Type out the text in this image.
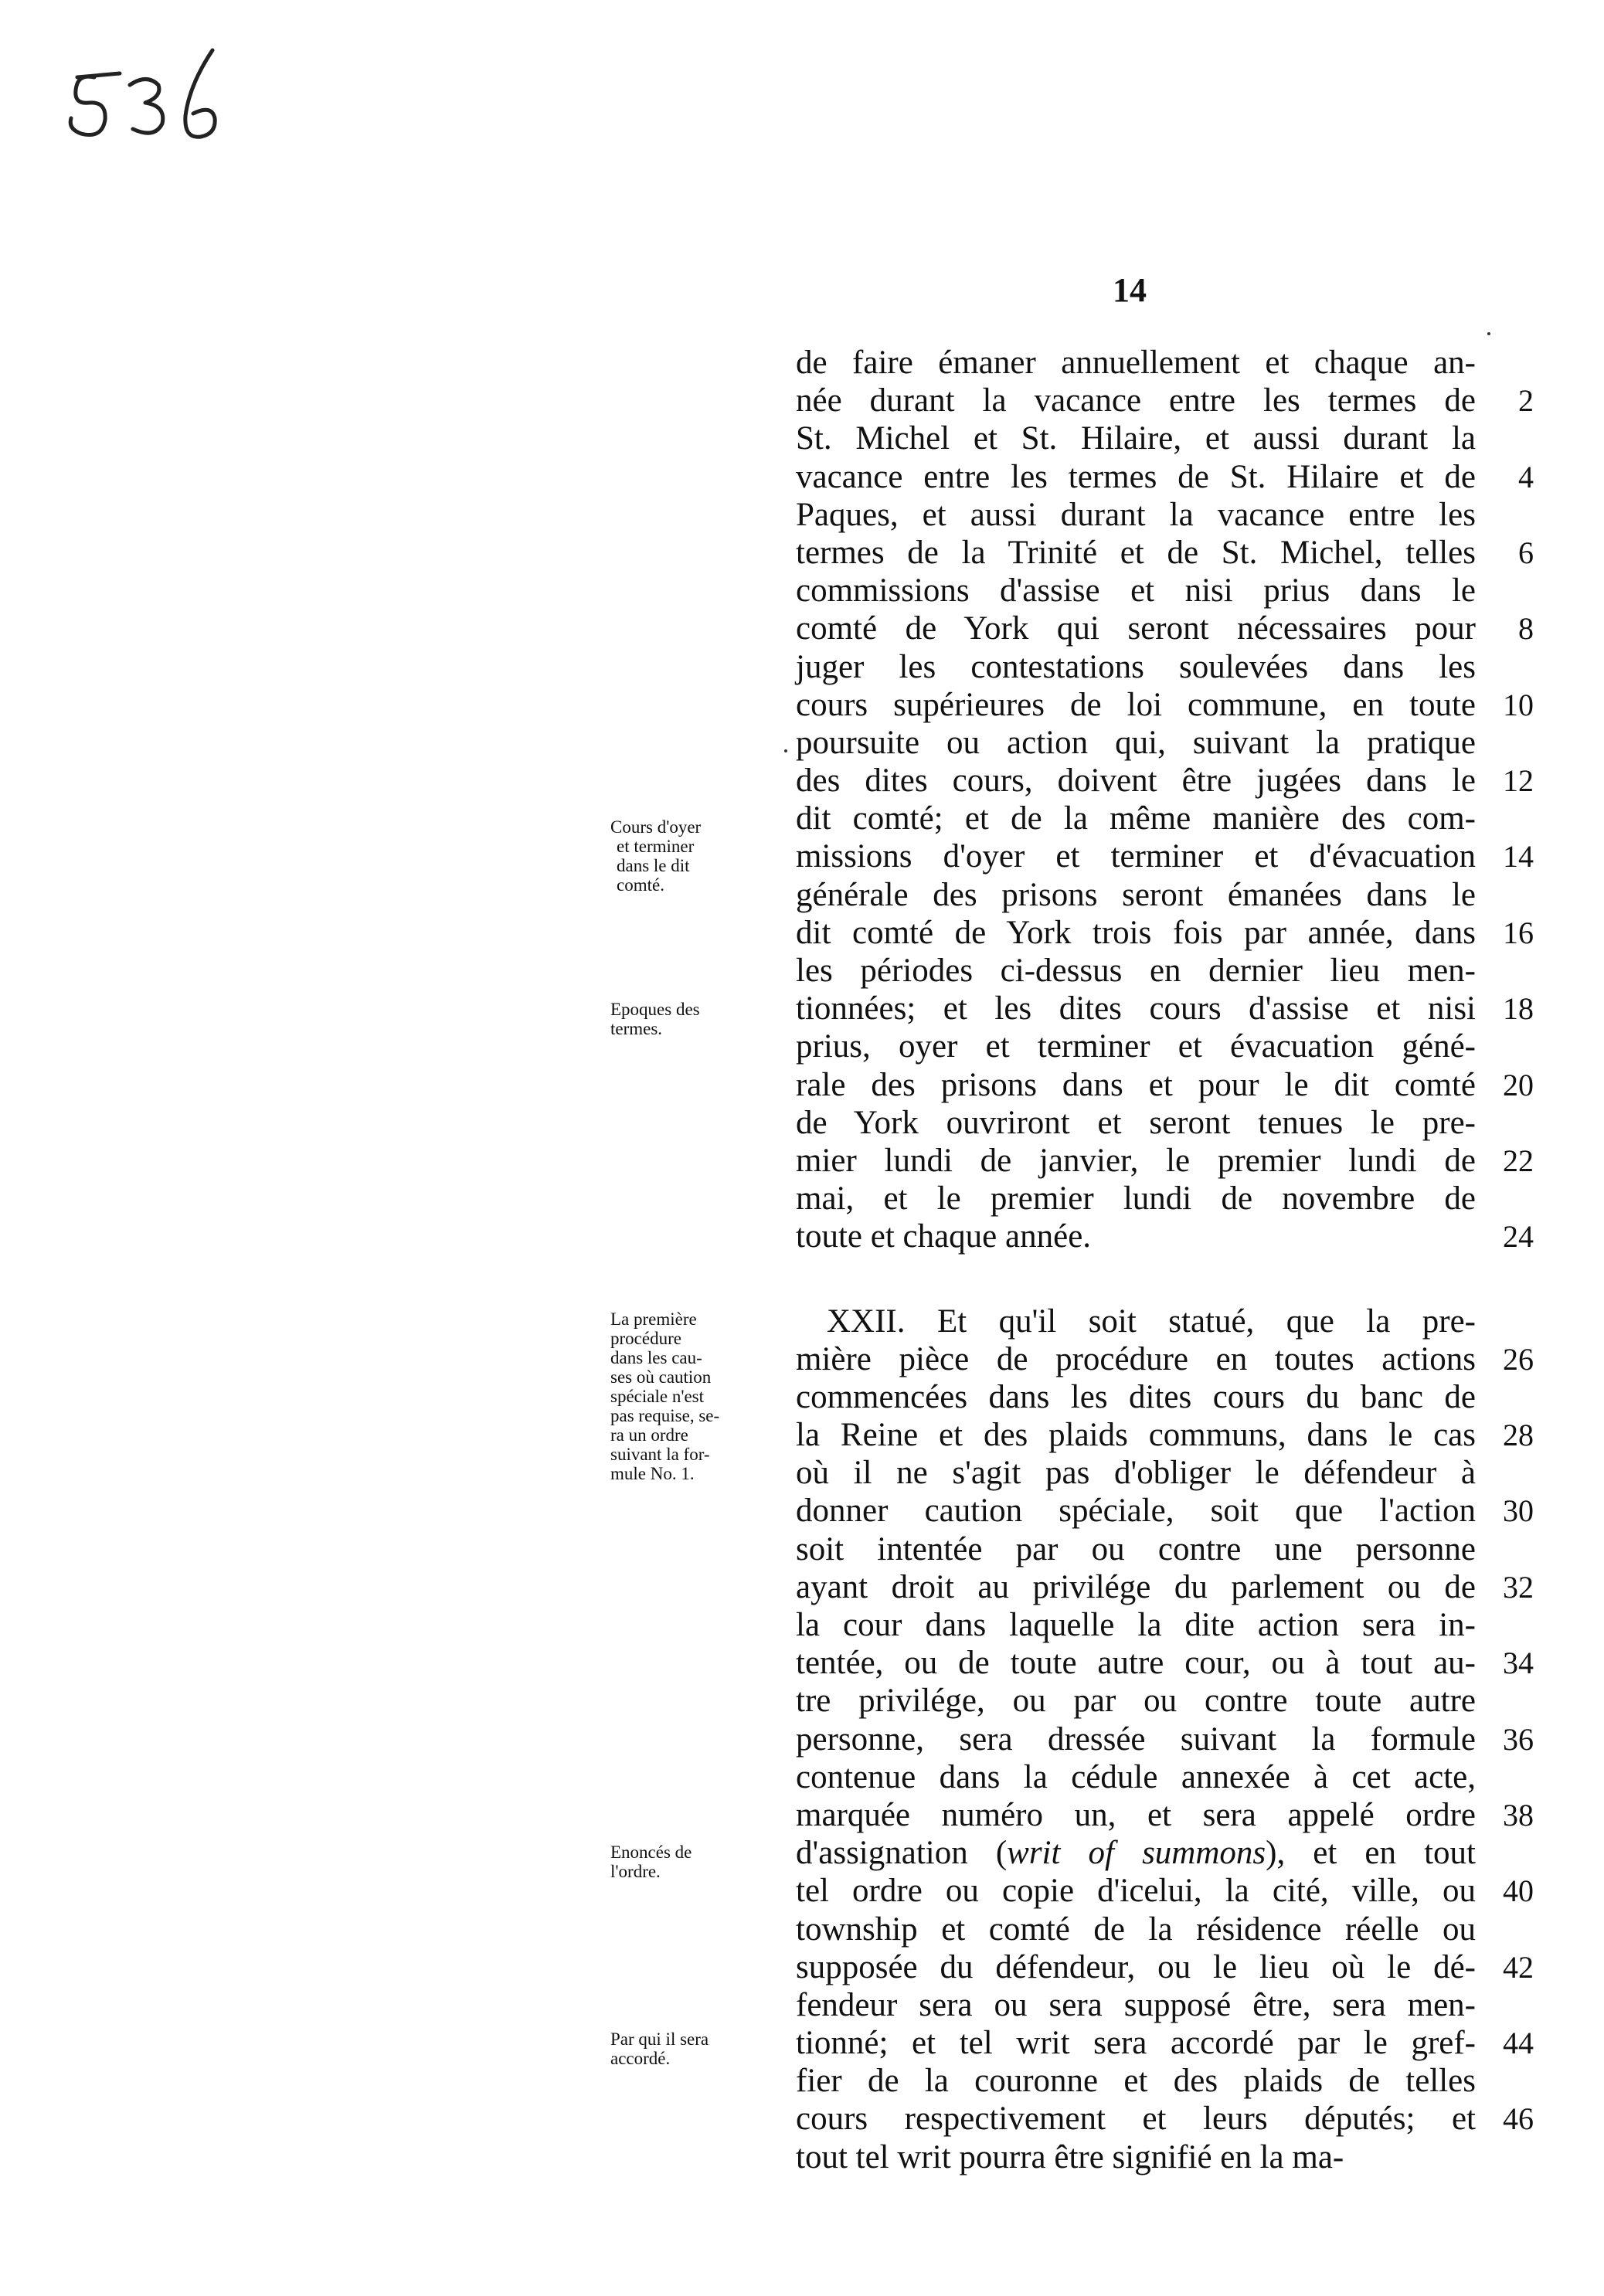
14
Cours d'oyer
et terminer
dans le dit
comté.
Epoques des
termes.
La première
procédure
dans les cau-
ses où caution
spéciale n'est
pas requise, se-
ra un ordre
suivant la for-
mule No. 1.
Enoncés de
l'ordre.
Par qui il sera
accordé.
de faire émaner annuellement et chaque an-
née durant la vacance entre les termes de
St. Michel et St. Hilaire, et aussi durant la
vacance entre les termes de St. Hilaire et de
Paques, et aussi durant la vacance entre les
termes de la Trinité et de St. Michel, telles
commissions d'assise et nisi prius dans le
comté de York qui seront nécessaires pour
juger les contestations soulevées dans les
cours supérieures de loi commune, en toute
poursuite ou action qui, suivant la pratique
des dites cours, doivent être jugées dans le
dit comté; et de la même manière des com-
missions d'oyer et terminer et d'évacuation
générale des prisons seront émanées dans le
dit comté de York trois fois par année, dans
les périodes ci-dessus en dernier lieu men-
tionnées; et les dites cours d'assise et nisi
prius, oyer et terminer et évacuation géné-
rale des prisons dans et pour le dit comté
de York ouvriront et seront tenues le pre-
mier lundi de janvier, le premier lundi de
mai, et le premier lundi de novembre de
toute et chaque année.
XXII. Et qu'il soit statué, que la pre-
mière pièce de procédure en toutes actions
commencées dans les dites cours du banc de
la Reine et des plaids communs, dans le cas
où il ne s'agit pas d'obliger le défendeur à
donner caution spéciale, soit que l'action
soit intentée par ou contre une personne
ayant droit au privilége du parlement ou de
la cour dans laquelle la dite action sera in-
tentée, ou de toute autre cour, ou à tout au-
tre privilége, ou par ou contre toute autre
personne, sera dressée suivant la formule
contenue dans la cédule annexée à cet acte,
marquée numéro un, et sera appelé ordre
d'assignation (writ of summons), et en tout
tel ordre ou copie d'icelui, la cité, ville, ou
township et comté de la résidence réelle ou
supposée du défendeur, ou le lieu où le dé-
fendeur sera ou sera supposé être, sera men-
tionné; et tel writ sera accordé par le gref-
fier de la couronne et des plaids de telles
cours respectivement et leurs députés; et
tout tel writ pourra être signifié en la ma-
2
4
6
8
10
12
14
16
18
20
22
24
26
28
30
32
34
36
38
40
42
44
46
